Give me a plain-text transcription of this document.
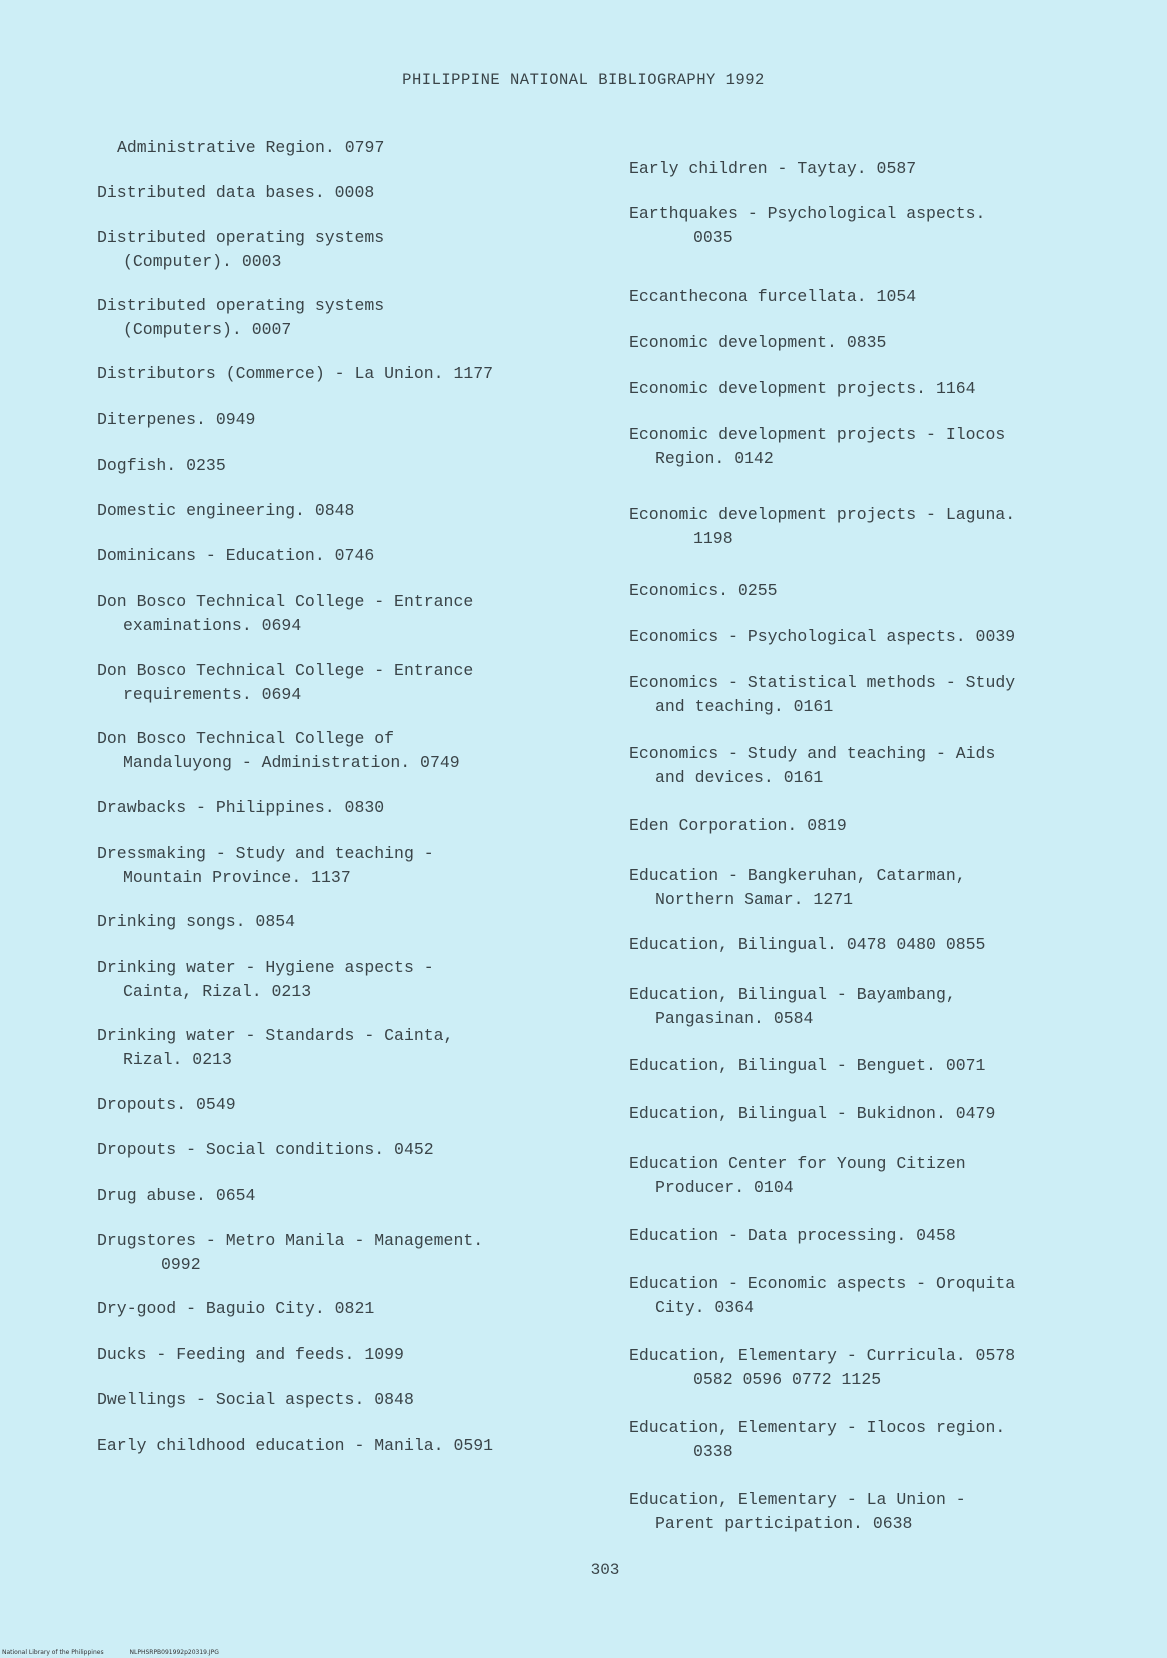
PHILIPPINE NATIONAL BIBLIOGRAPHY 1992
Administrative Region. 0797
Distributed data bases. 0008
Distributed operating systems
(Computer). 0003
Distributed operating systems
(Computers). 0007
Distributors (Commerce) - La Union. 1177
Diterpenes. 0949
Dogfish. 0235
Domestic engineering. 0848
Dominicans - Education. 0746
Don Bosco Technical College - Entrance
examinations. 0694
Don Bosco Technical College - Entrance
requirements. 0694
Don Bosco Technical College of
Mandaluyong - Administration. 0749
Drawbacks - Philippines. 0830
Dressmaking - Study and teaching -
Mountain Province. 1137
Drinking songs. 0854
Drinking water - Hygiene aspects -
Cainta, Rizal. 0213
Drinking water - Standards - Cainta,
Rizal. 0213
Dropouts. 0549
Dropouts - Social conditions. 0452
Drug abuse. 0654
Drugstores - Metro Manila - Management.
0992
Dry-good - Baguio City. 0821
Ducks - Feeding and feeds. 1099
Dwellings - Social aspects. 0848
Early childhood education - Manila. 0591
Early children - Taytay. 0587
Earthquakes - Psychological aspects.
0035
Eccanthecona furcellata. 1054
Economic development. 0835
Economic development projects. 1164
Economic development projects - Ilocos
Region. 0142
Economic development projects - Laguna.
1198
Economics. 0255
Economics - Psychological aspects. 0039
Economics - Statistical methods - Study
and teaching. 0161
Economics - Study and teaching - Aids
and devices. 0161
Eden Corporation. 0819
Education - Bangkeruhan, Catarman,
Northern Samar. 1271
Education, Bilingual. 0478 0480 0855
Education, Bilingual - Bayambang,
Pangasinan. 0584
Education, Bilingual - Benguet. 0071
Education, Bilingual - Bukidnon. 0479
Education Center for Young Citizen
Producer. 0104
Education - Data processing. 0458
Education - Economic aspects - Oroquita
City. 0364
Education, Elementary - Curricula. 0578
0582 0596 0772 1125
Education, Elementary - Ilocos region.
0338
Education, Elementary - La Union -
Parent participation. 0638
303
National Library of the Philippines	NLPHSRPB091992p20319.JPG
